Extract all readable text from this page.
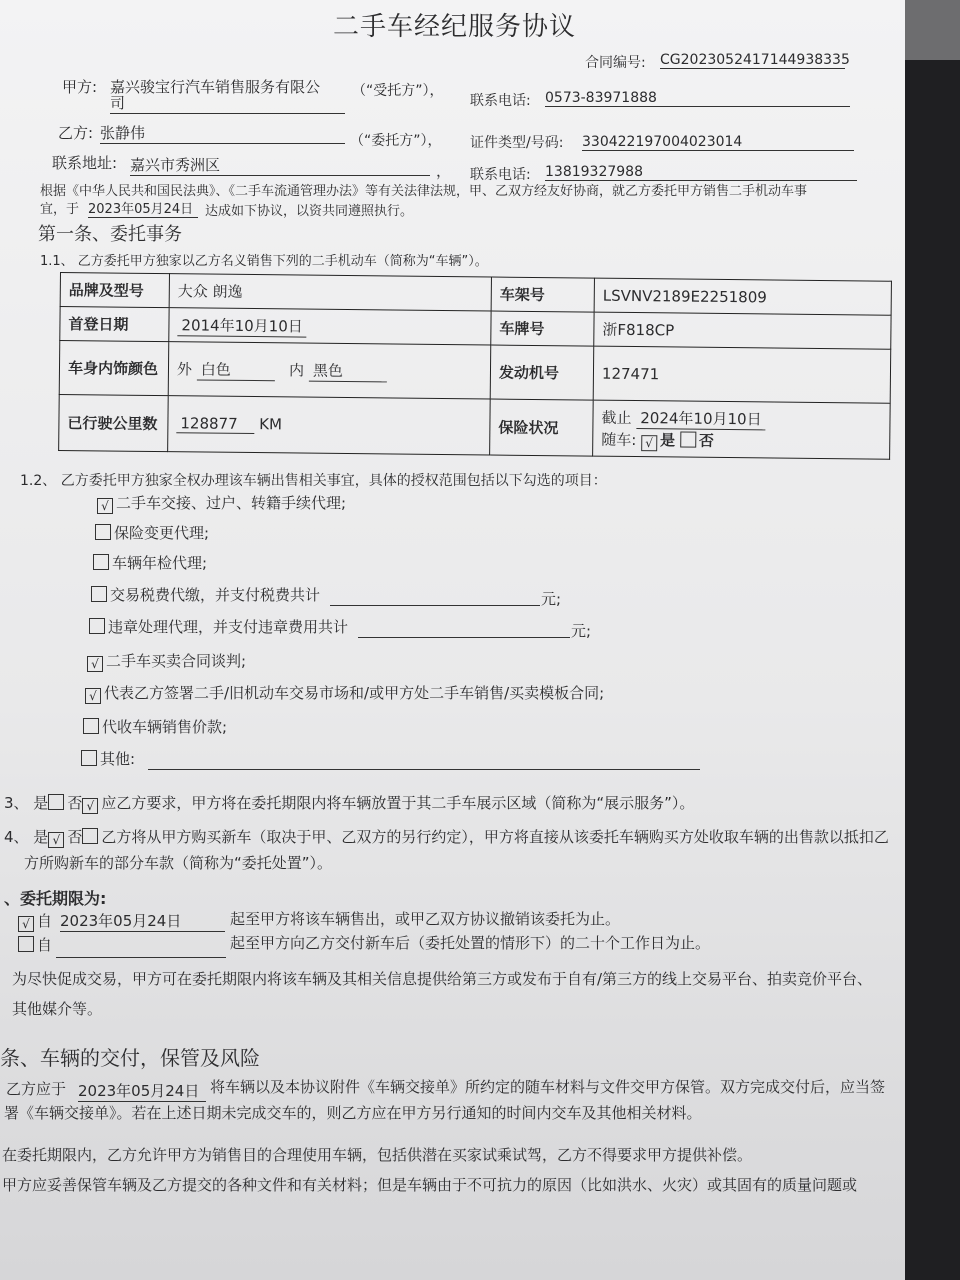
二手车经纪服务协议
合同编号: CG2023052417144938335
甲方: 嘉兴骏宝行汽车销售服务有限公
司
（“受托方”），
联系电话: 0573-83971888
乙方: 张静伟	（“委托方”）， 证件类型/号码: 330422197004023014
联系地址: 嘉兴市秀洲区	， 联系电话: 13819327988
根据《中华人民共和国民法典》、《二手车流通管理办法》等有关法律法规，甲、乙双方经友好协商，就乙方委托甲方销售二手机动车事
宜，于 2023年05月24日 达成如下协议，以资共同遵照执行。
第一条、委托事务
1.1、 乙方委托甲方独家以乙方名义销售下列的二手机动车（简称为“车辆”）。
品牌及型号	大众 朗逸	车架号	LSVNV2189E2251809
首登日期	2014年10月10日	车牌号	浙F818CP
车身内饰颜色	外 白色 内 黑色	发动机号	127471
已行驶公里数	128877 KM	保险状况	截止 2024年10月10日
随车: √ 是 否
1.2、 乙方委托甲方独家全权办理该车辆出售相关事宜，具体的授权范围包括以下勾选的项目：
√ 二手车交接、过户、转籍手续代理;
保险变更代理;
车辆年检代理;
交易税费代缴，并支付税费共计	元;
违章处理代理，并支付违章费用共计	元;
√ 二手车买卖合同谈判;
√ 代表乙方签署二手/旧机动车交易市场和/或甲方处二手车销售/买卖模板合同;
代收车辆销售价款;
其他:
3、 是 否 √ 应乙方要求，甲方将在委托期限内将车辆放置于其二手车展示区域（简称为“展示服务”）。
4、 是 √ 否 乙方将从甲方购买新车（取决于甲、乙双方的另行约定），甲方将直接从该委托车辆购买方处收取车辆的出售款以抵扣乙
方所购新车的部分车款（简称为“委托处置”）。
、委托期限为:
√ 自 2023年05月24日	起至甲方将该车辆售出，或甲乙双方协议撤销该委托为止。
自	起至甲方向乙方交付新车后（委托处置的情形下）的二十个工作日为止。
为尽快促成交易，甲方可在委托期限内将该车辆及其相关信息提供给第三方或发布于自有/第三方的线上交易平台、拍卖竞价平台、
其他媒介等。
条、车辆的交付，保管及风险
乙方应于 2023年05月24日 将车辆以及本协议附件《车辆交接单》所约定的随车材料与文件交甲方保管。双方完成交付后，应当签
署《车辆交接单》。若在上述日期未完成交车的，则乙方应在甲方另行通知的时间内交车及其他相关材料。
在委托期限内，乙方允许甲方为销售目的合理使用车辆，包括供潜在买家试乘试驾，乙方不得要求甲方提供补偿。
甲方应妥善保管车辆及乙方提交的各种文件和有关材料；但是车辆由于不可抗力的原因（比如洪水、火灾）或其固有的质量问题或
